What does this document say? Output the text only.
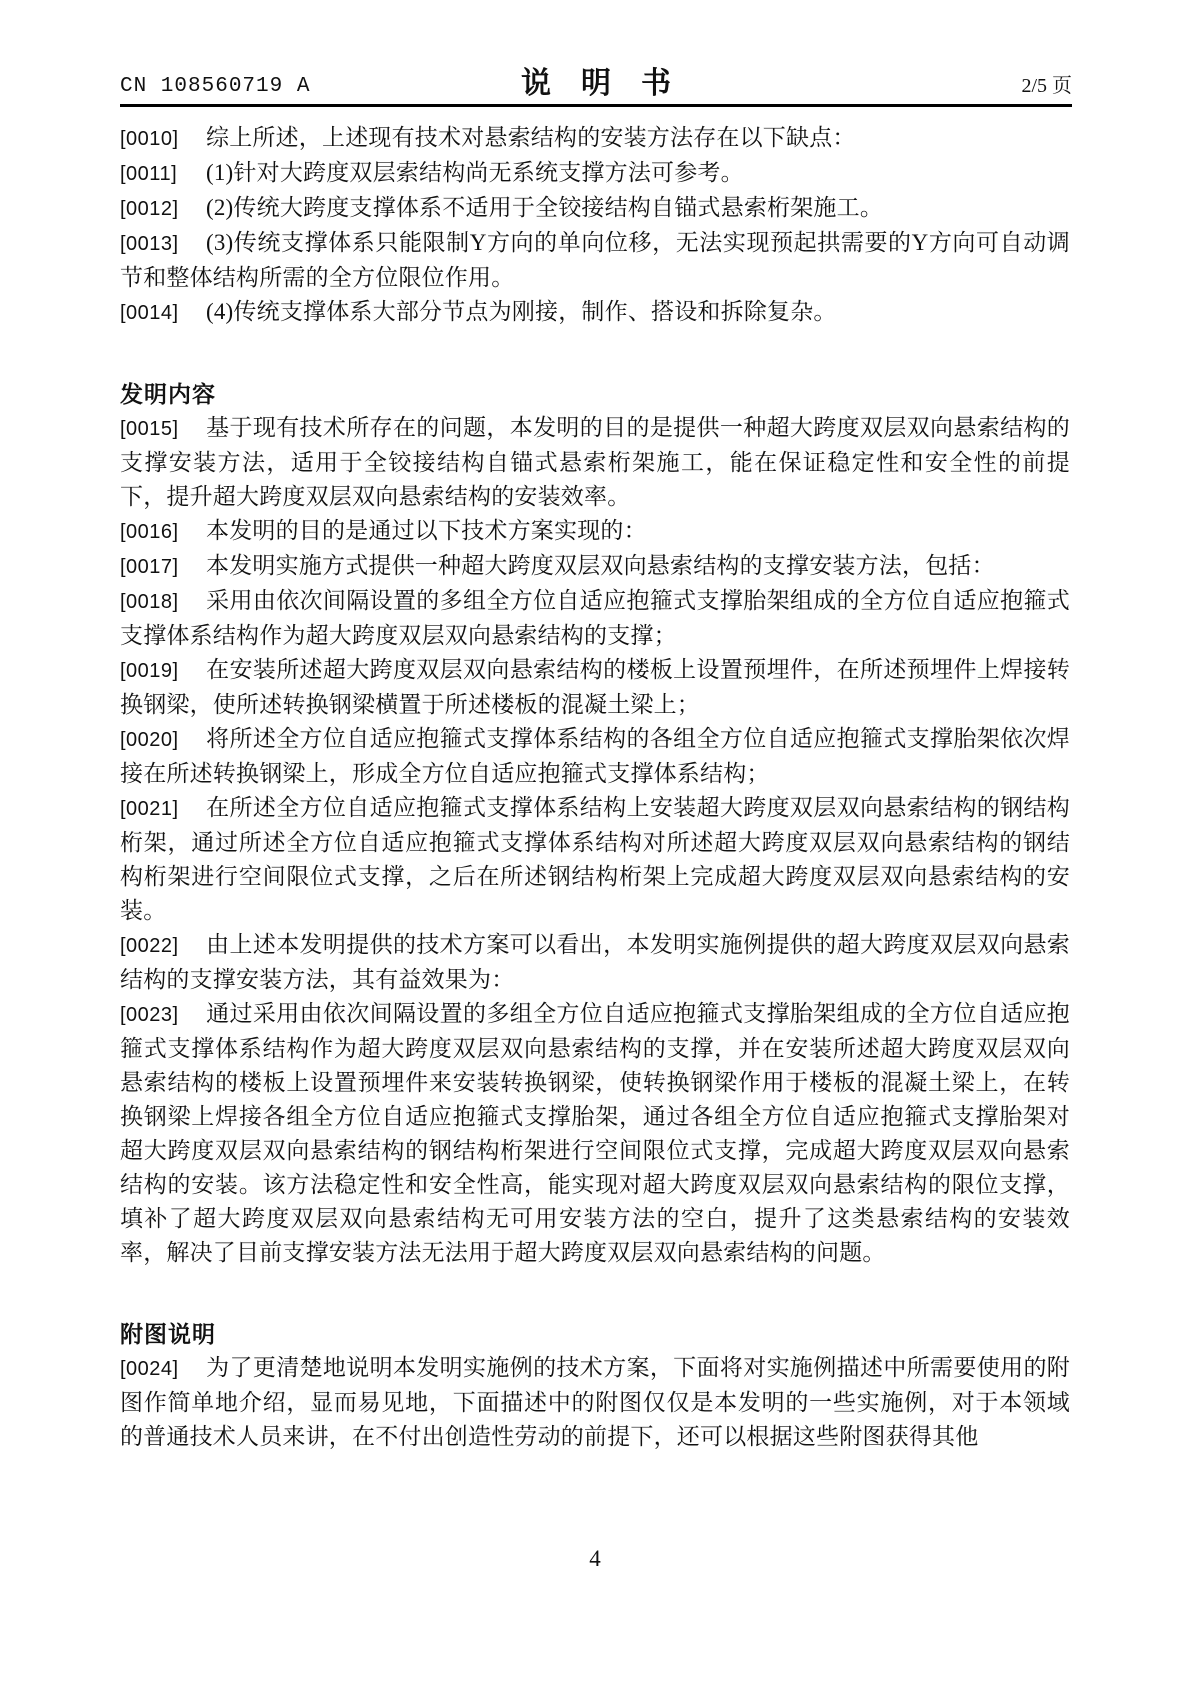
CN 108560719 A	说　明　书	2/5 页

[0010] 综上所述，上述现有技术对悬索结构的安装方法存在以下缺点：

[0011] (1)针对大跨度双层索结构尚无系统支撑方法可参考。

[0012] (2)传统大跨度支撑体系不适用于全铰接结构自锚式悬索桁架施工。

[0013] (3)传统支撑体系只能限制Y方向的单向位移，无法实现预起拱需要的Y方向可自动调节和整体结构所需的全方位限位作用。

[0014] (4)传统支撑体系大部分节点为刚接，制作、搭设和拆除复杂。

发明内容

[0015] 基于现有技术所存在的问题，本发明的目的是提供一种超大跨度双层双向悬索结构的支撑安装方法，适用于全铰接结构自锚式悬索桁架施工，能在保证稳定性和安全性的前提下，提升超大跨度双层双向悬索结构的安装效率。

[0016] 本发明的目的是通过以下技术方案实现的：

[0017] 本发明实施方式提供一种超大跨度双层双向悬索结构的支撑安装方法，包括：

[0018] 采用由依次间隔设置的多组全方位自适应抱箍式支撑胎架组成的全方位自适应抱箍式支撑体系结构作为超大跨度双层双向悬索结构的支撑；

[0019] 在安装所述超大跨度双层双向悬索结构的楼板上设置预埋件，在所述预埋件上焊接转换钢梁，使所述转换钢梁横置于所述楼板的混凝土梁上；

[0020] 将所述全方位自适应抱箍式支撑体系结构的各组全方位自适应抱箍式支撑胎架依次焊接在所述转换钢梁上，形成全方位自适应抱箍式支撑体系结构；

[0021] 在所述全方位自适应抱箍式支撑体系结构上安装超大跨度双层双向悬索结构的钢结构桁架，通过所述全方位自适应抱箍式支撑体系结构对所述超大跨度双层双向悬索结构的钢结构桁架进行空间限位式支撑，之后在所述钢结构桁架上完成超大跨度双层双向悬索结构的安装。

[0022] 由上述本发明提供的技术方案可以看出，本发明实施例提供的超大跨度双层双向悬索结构的支撑安装方法，其有益效果为：

[0023] 通过采用由依次间隔设置的多组全方位自适应抱箍式支撑胎架组成的全方位自适应抱箍式支撑体系结构作为超大跨度双层双向悬索结构的支撑，并在安装所述超大跨度双层双向悬索结构的楼板上设置预埋件来安装转换钢梁，使转换钢梁作用于楼板的混凝土梁上，在转换钢梁上焊接各组全方位自适应抱箍式支撑胎架，通过各组全方位自适应抱箍式支撑胎架对超大跨度双层双向悬索结构的钢结构桁架进行空间限位式支撑，完成超大跨度双层双向悬索结构的安装。该方法稳定性和安全性高，能实现对超大跨度双层双向悬索结构的限位支撑，填补了超大跨度双层双向悬索结构无可用安装方法的空白，提升了这类悬索结构的安装效率，解决了目前支撑安装方法无法用于超大跨度双层双向悬索结构的问题。

附图说明

[0024] 为了更清楚地说明本发明实施例的技术方案，下面将对实施例描述中所需要使用的附图作简单地介绍，显而易见地，下面描述中的附图仅仅是本发明的一些实施例，对于本领域的普通技术人员来讲，在不付出创造性劳动的前提下，还可以根据这些附图获得其他

4
